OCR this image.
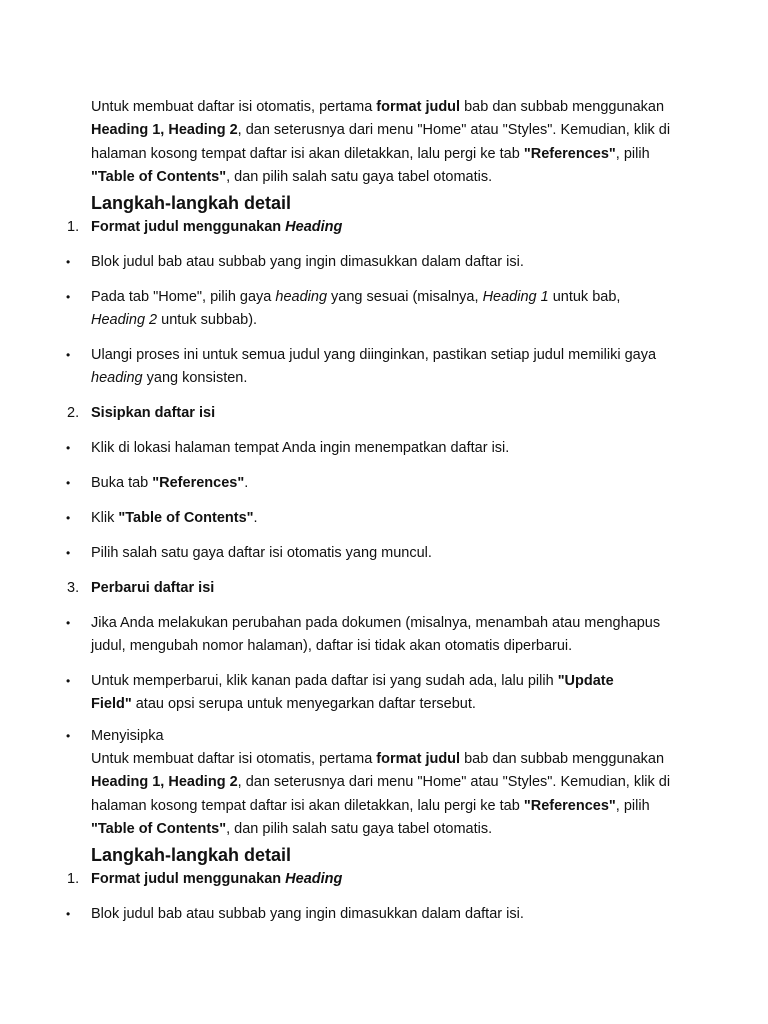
Untuk membuat daftar isi otomatis, pertama format judul bab dan subbab menggunakan Heading 1, Heading 2, dan seterusnya dari menu "Home" atau "Styles". Kemudian, klik di halaman kosong tempat daftar isi akan diletakkan, lalu pergi ke tab "References", pilih "Table of Contents", dan pilih salah satu gaya tabel otomatis.
Langkah-langkah detail
1. Format judul menggunakan Heading
• Blok judul bab atau subbab yang ingin dimasukkan dalam daftar isi.
• Pada tab "Home", pilih gaya heading yang sesuai (misalnya, Heading 1 untuk bab, Heading 2 untuk subbab).
• Ulangi proses ini untuk semua judul yang diinginkan, pastikan setiap judul memiliki gaya heading yang konsisten.
2. Sisipkan daftar isi
• Klik di lokasi halaman tempat Anda ingin menempatkan daftar isi.
• Buka tab "References".
• Klik "Table of Contents".
• Pilih salah satu gaya daftar isi otomatis yang muncul.
3. Perbarui daftar isi
• Jika Anda melakukan perubahan pada dokumen (misalnya, menambah atau menghapus judul, mengubah nomor halaman), daftar isi tidak akan otomatis diperbarui.
• Untuk memperbarui, klik kanan pada daftar isi yang sudah ada, lalu pilih "Update Field" atau opsi serupa untuk menyegarkan daftar tersebut.
• Menyisipka
Untuk membuat daftar isi otomatis, pertama format judul bab dan subbab menggunakan Heading 1, Heading 2, dan seterusnya dari menu "Home" atau "Styles". Kemudian, klik di halaman kosong tempat daftar isi akan diletakkan, lalu pergi ke tab "References", pilih "Table of Contents", dan pilih salah satu gaya tabel otomatis.
Langkah-langkah detail
1. Format judul menggunakan Heading
• Blok judul bab atau subbab yang ingin dimasukkan dalam daftar isi.
